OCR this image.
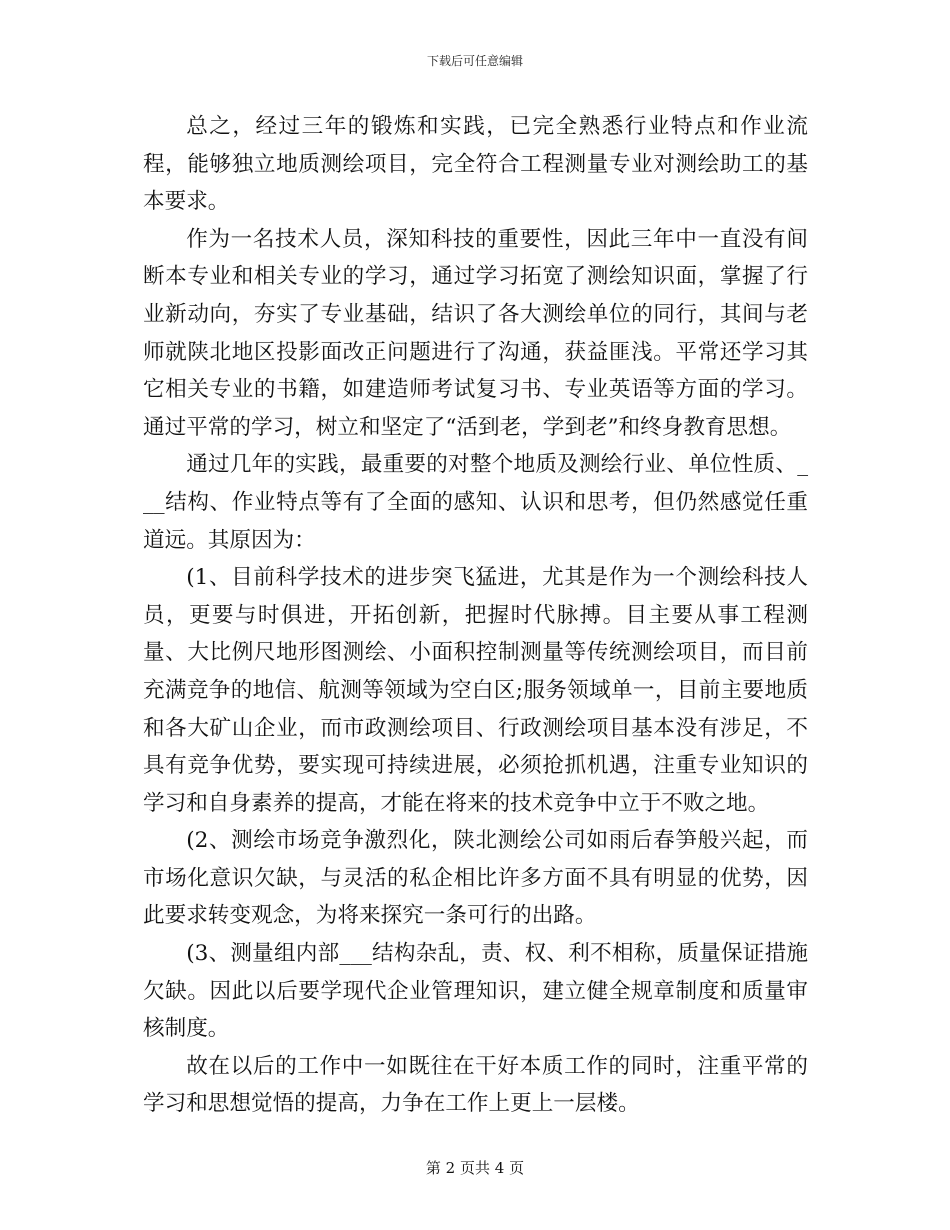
下载后可任意编辑

总之，经过三年的锻炼和实践，已完全熟悉行业特点和作业流程，能够独立地质测绘项目，完全符合工程测量专业对测绘助工的基本要求。

作为一名技术人员，深知科技的重要性，因此三年中一直没有间断本专业和相关专业的学习，通过学习拓宽了测绘知识面，掌握了行业新动向，夯实了专业基础，结识了各大测绘单位的同行，其间与老师就陕北地区投影面改正问题进行了沟通，获益匪浅。平常还学习其它相关专业的书籍，如建造师考试复习书、专业英语等方面的学习。通过平常的学习，树立和坚定了“活到老，学到老”和终身教育思想。

通过几年的实践，最重要的对整个地质及测绘行业、单位性质、___结构、作业特点等有了全面的感知、认识和思考，但仍然感觉任重道远。其原因为：

(1、目前科学技术的进步突飞猛进，尤其是作为一个测绘科技人员，更要与时俱进，开拓创新，把握时代脉搏。目主要从事工程测量、大比例尺地形图测绘、小面积控制测量等传统测绘项目，而目前充满竞争的地信、航测等领域为空白区;服务领域单一，目前主要地质和各大矿山企业，而市政测绘项目、行政测绘项目基本没有涉足，不具有竞争优势，要实现可持续进展，必须抢抓机遇，注重专业知识的学习和自身素养的提高，才能在将来的技术竞争中立于不败之地。

(2、测绘市场竞争激烈化，陕北测绘公司如雨后春笋般兴起，而市场化意识欠缺，与灵活的私企相比许多方面不具有明显的优势，因此要求转变观念，为将来探究一条可行的出路。

(3、测量组内部___结构杂乱，责、权、利不相称，质量保证措施欠缺。因此以后要学现代企业管理知识，建立健全规章制度和质量审核制度。

故在以后的工作中一如既往在干好本质工作的同时，注重平常的学习和思想觉悟的提高，力争在工作上更上一层楼。

第 2 页共 4 页
